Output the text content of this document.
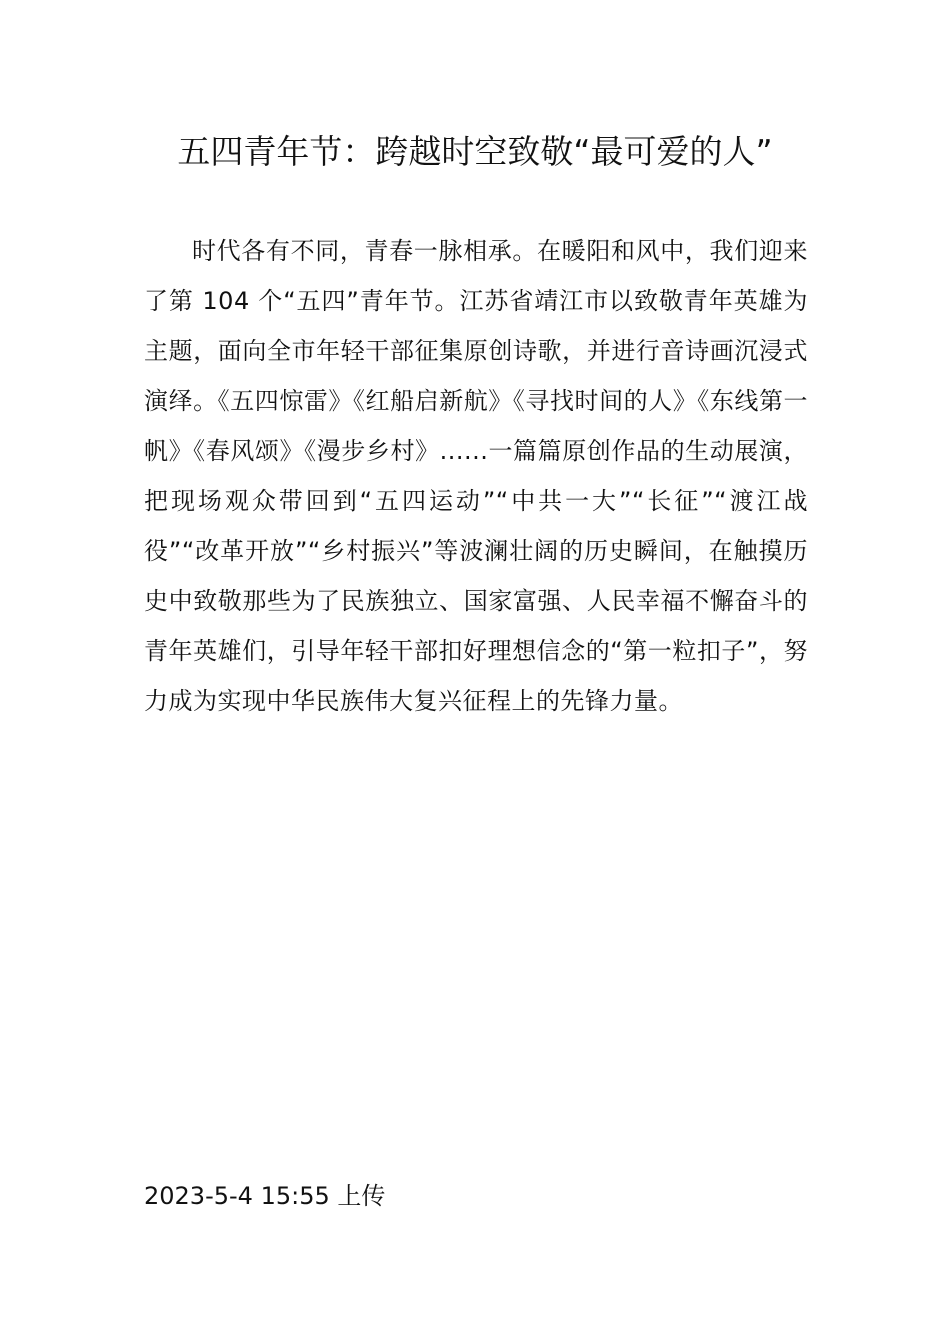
五四青年节：跨越时空致敬“最可爱的人”

时代各有不同，青春一脉相承。在暖阳和风中，我们迎来了第 104 个“五四”青年节。江苏省靖江市以致敬青年英雄为主题，面向全市年轻干部征集原创诗歌，并进行音诗画沉浸式演绎。《五四惊雷》《红船启新航》《寻找时间的人》《东线第一帆》《春风颂》《漫步乡村》......一篇篇原创作品的生动展演，把现场观众带回到“五四运动”“中共一大”“长征”“渡江战役”“改革开放”“乡村振兴”等波澜壮阔的历史瞬间，在触摸历史中致敬那些为了民族独立、国家富强、人民幸福不懈奋斗的青年英雄们，引导年轻干部扣好理想信念的“第一粒扣子”，努力成为实现中华民族伟大复兴征程上的先锋力量。

2023-5-4 15:55 上传
